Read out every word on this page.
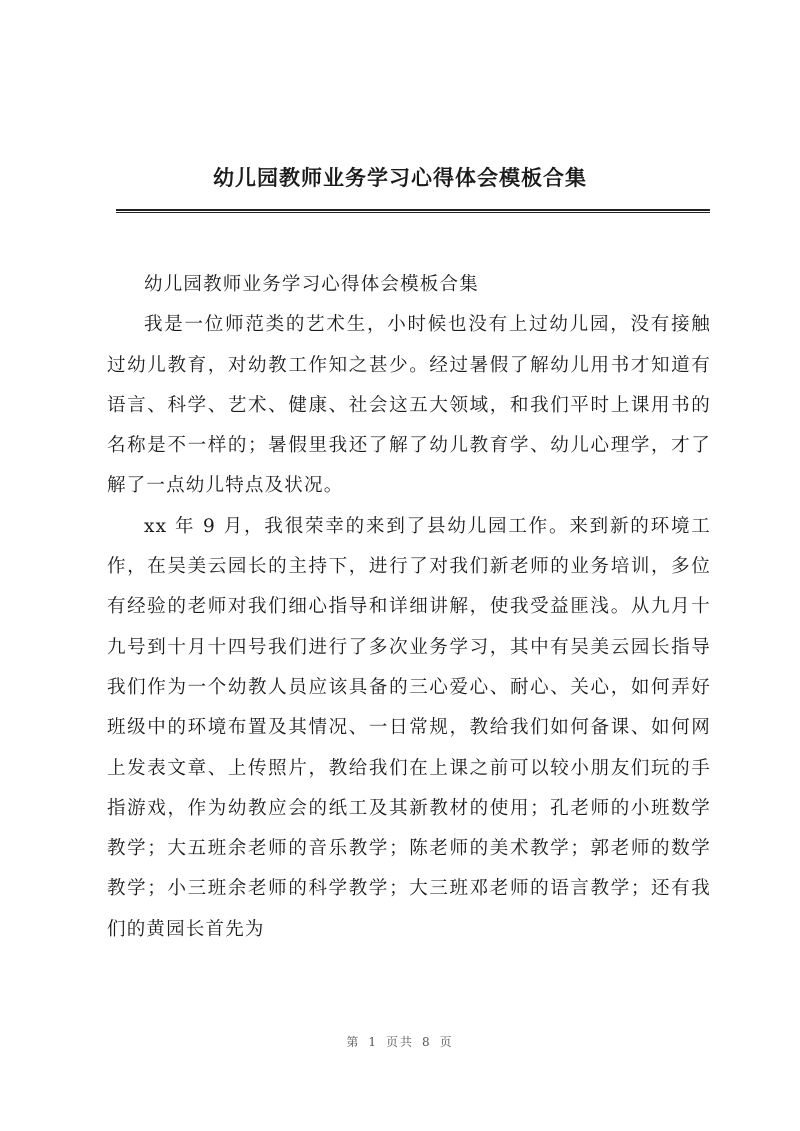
幼儿园教师业务学习心得体会模板合集

幼儿园教师业务学习心得体会模板合集

我是一位师范类的艺术生，小时候也没有上过幼儿园，没有接触过幼儿教育，对幼教工作知之甚少。经过暑假了解幼儿用书才知道有语言、科学、艺术、健康、社会这五大领域，和我们平时上课用书的名称是不一样的；暑假里我还了解了幼儿教育学、幼儿心理学，才了解了一点幼儿特点及状况。

xx 年 9 月，我很荣幸的来到了县幼儿园工作。来到新的环境工作，在吴美云园长的主持下，进行了对我们新老师的业务培训，多位有经验的老师对我们细心指导和详细讲解，使我受益匪浅。从九月十九号到十月十四号我们进行了多次业务学习，其中有吴美云园长指导我们作为一个幼教人员应该具备的三心爱心、耐心、关心，如何弄好班级中的环境布置及其情况、一日常规，教给我们如何备课、如何网上发表文章、上传照片，教给我们在上课之前可以较小朋友们玩的手指游戏，作为幼教应会的纸工及其新教材的使用；孔老师的小班数学教学；大五班余老师的音乐教学；陈老师的美术教学；郭老师的数学教学；小三班余老师的科学教学；大三班邓老师的语言教学；还有我们的黄园长首先为

第 1 页共 8 页
